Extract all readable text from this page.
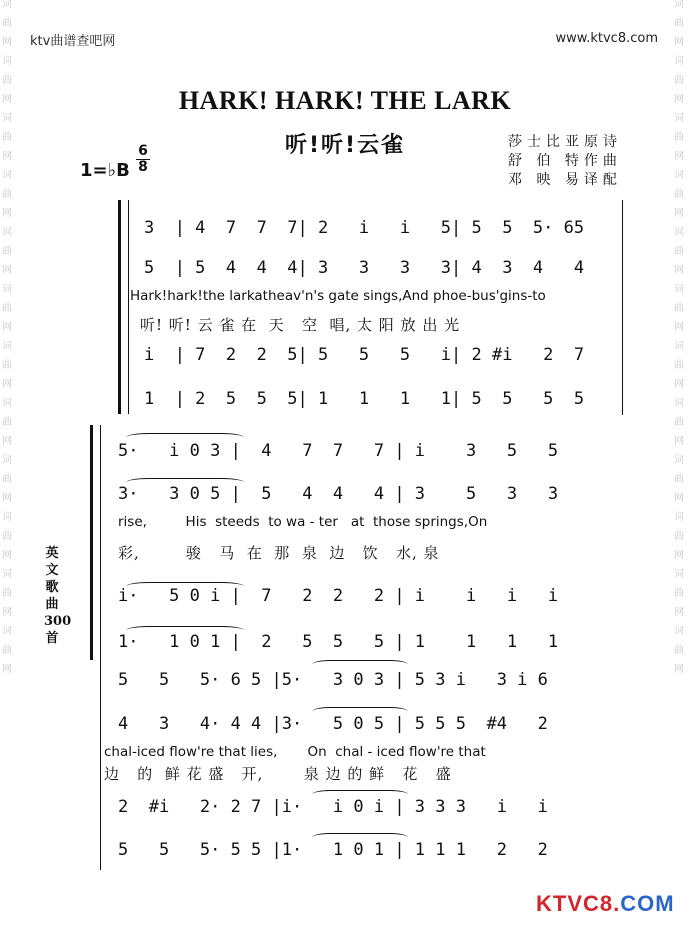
词
曲
网
词
曲
网
词
曲
网
词
曲
网
词
曲
网
词
曲
网
词
曲
网
词
曲
网
词
曲
网
词
曲
网
词
曲
网
词
曲
网
词
曲
网
词
曲
网
词
曲
网
词
曲
网
词
曲
网
词
曲
网
词
曲
网
词
曲
网
词
曲
网
词
曲
网
词
曲
网
词
曲
网
ktv曲谱查吧网	www.ktvc8.com
HARK! HARK! THE LARK
听!听!云雀	莎士比亚原诗
舒 伯 特作曲
邓 映 易译配
1=♭B
6
8
3  | 4  7  7  7| 2   i   i   5| 5  5  5· 65
5  | 5  4  4  4| 3   3   3   3| 4  3  4   4
Hark!hark!the larkatheav'n's gate sings,And phoe-bus'gins-to
听! 听! 云 雀 在  天   空  唱, 太 阳 放 出 光
i  | 7  2  2  5| 5   5   5   i| 2 #i   2  7
1  | 2  5  5  5| 1   1   1   1| 5  5   5  5
5·   i 0 3 |  4   7  7   7 | i    3   5   5
3·   3 0 5 |  5   4  4   4 | 3    5   3   3
rise,         His  steeds  to wa - ter   at  those springs,On
彩,        骏   马  在  那  泉  边   饮   水, 泉
i·   5 0 i |  7   2  2   2 | i    i   i   i
1·   1 0 1 |  2   5  5   5 | 1    1   1   1
5   5   5· 6 5 |5·   3 0 3 | 5 3 i   3 i 6
4   3   4· 4 4 |3·   5 0 5 | 5 5 5  #4   2
chal-iced flow're that lies,       On  chal - iced flow're that
边   的  鲜 花 盛   开,       泉 边 的 鲜   花   盛
2  #i   2· 2 7 |i·   i 0 i | 3 3 3   i   i
5   5   5· 5 5 |1·   1 0 1 | 1 1 1   2   2
英文歌曲300首
KTVC8.COM
